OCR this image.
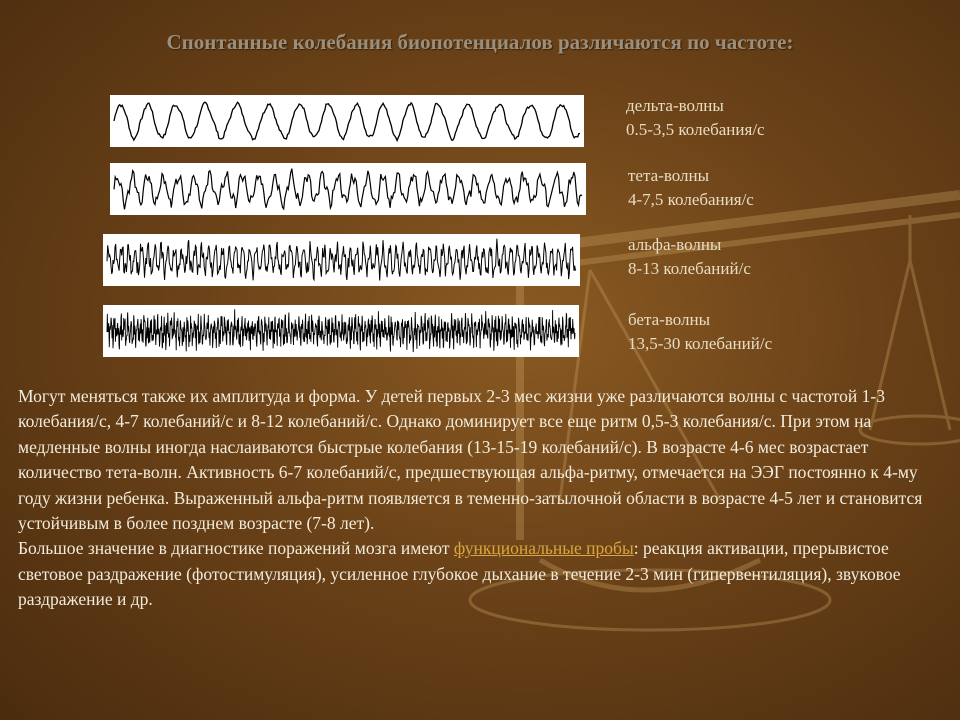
Спонтанные колебания биопотенциалов различаются по частоте:
дельта-волны
0.5-3,5 колебания/с
тета-волны
4-7,5 колебания/с
альфа-волны
8-13 колебаний/с
бета-волны
13,5-30 колебаний/с

Могут меняться также их амплитуда и форма. У детей первых 2-3 мес жизни уже различаются волны с частотой 1-3 колебания/с, 4-7 колебаний/с и 8-12 колебаний/с. Однако доминирует все еще ритм 0,5-3 колебания/с. При этом на медленные волны иногда наслаиваются быстрые колебания (13-15-19 колебаний/с). В возрасте 4-6 мес возрастает количество тета-волн. Активность 6-7 колебаний/с, предшествующая альфа-ритму, отмечается на ЭЭГ постоянно к 4-му году жизни ребенка. Выраженный альфа-ритм появляется в теменно-затылочной области в возрасте 4-5 лет и становится устойчивым в более позднем возрасте (7-8 лет).

Большое значение в диагностике поражений мозга имеют функциональные пробы: реакция активации, прерывистое световое раздражение (фотостимуляция), усиленное глубокое дыхание в течение 2-3 мин (гипервентиляция), звуковое раздражение и др.
